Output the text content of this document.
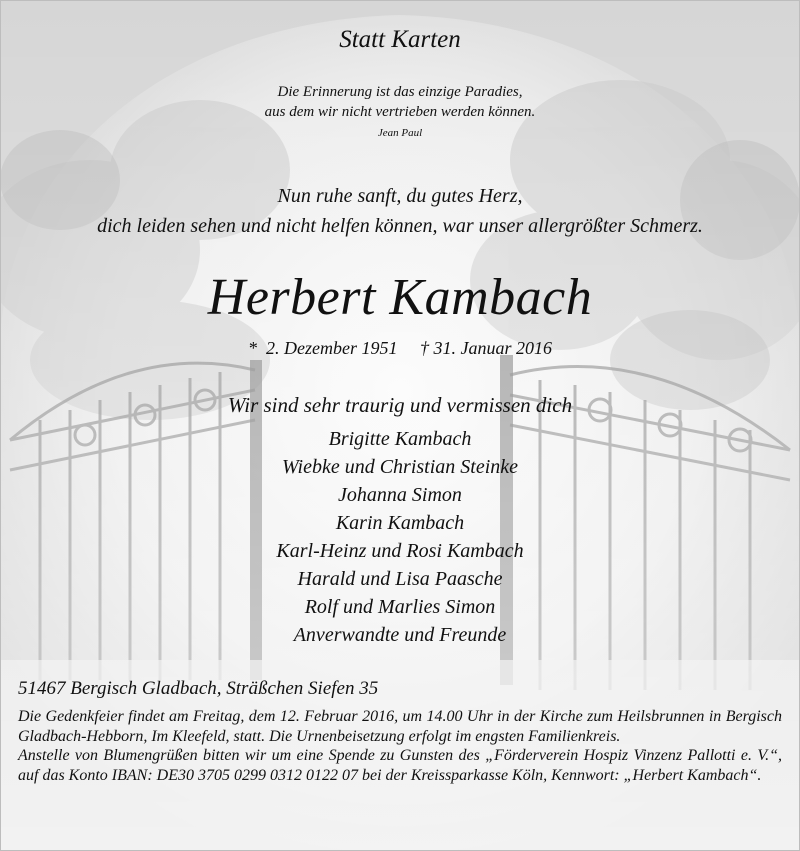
Statt Karten
Die Erinnerung ist das einzige Paradies,
aus dem wir nicht vertrieben werden können.
Jean Paul
Nun ruhe sanft, du gutes Herz,
dich leiden sehen und nicht helfen können, war unser allergrößter Schmerz.
Herbert Kambach
*  2. Dezember 1951     † 31. Januar 2016
Wir sind sehr traurig und vermissen dich
Brigitte Kambach
Wiebke und Christian Steinke
Johanna Simon
Karin Kambach
Karl-Heinz und Rosi Kambach
Harald und Lisa Paasche
Rolf und Marlies Simon
Anverwandte und Freunde
51467 Bergisch Gladbach, Sträßchen Siefen 35

Die Gedenkfeier findet am Freitag, dem 12. Februar 2016, um 14.00 Uhr in der Kirche zum Heilsbrunnen in Bergisch Gladbach-Hebborn, Im Kleefeld, statt. Die Urnenbeisetzung erfolgt im engsten Familienkreis.

Anstelle von Blumengrüßen bitten wir um eine Spende zu Gunsten des „Förderverein Hospiz Vinzenz Pallotti e. V.“, auf das Konto IBAN: DE30 3705 0299 0312 0122 07 bei der Kreissparkasse Köln, Kennwort: „Herbert Kambach“.
